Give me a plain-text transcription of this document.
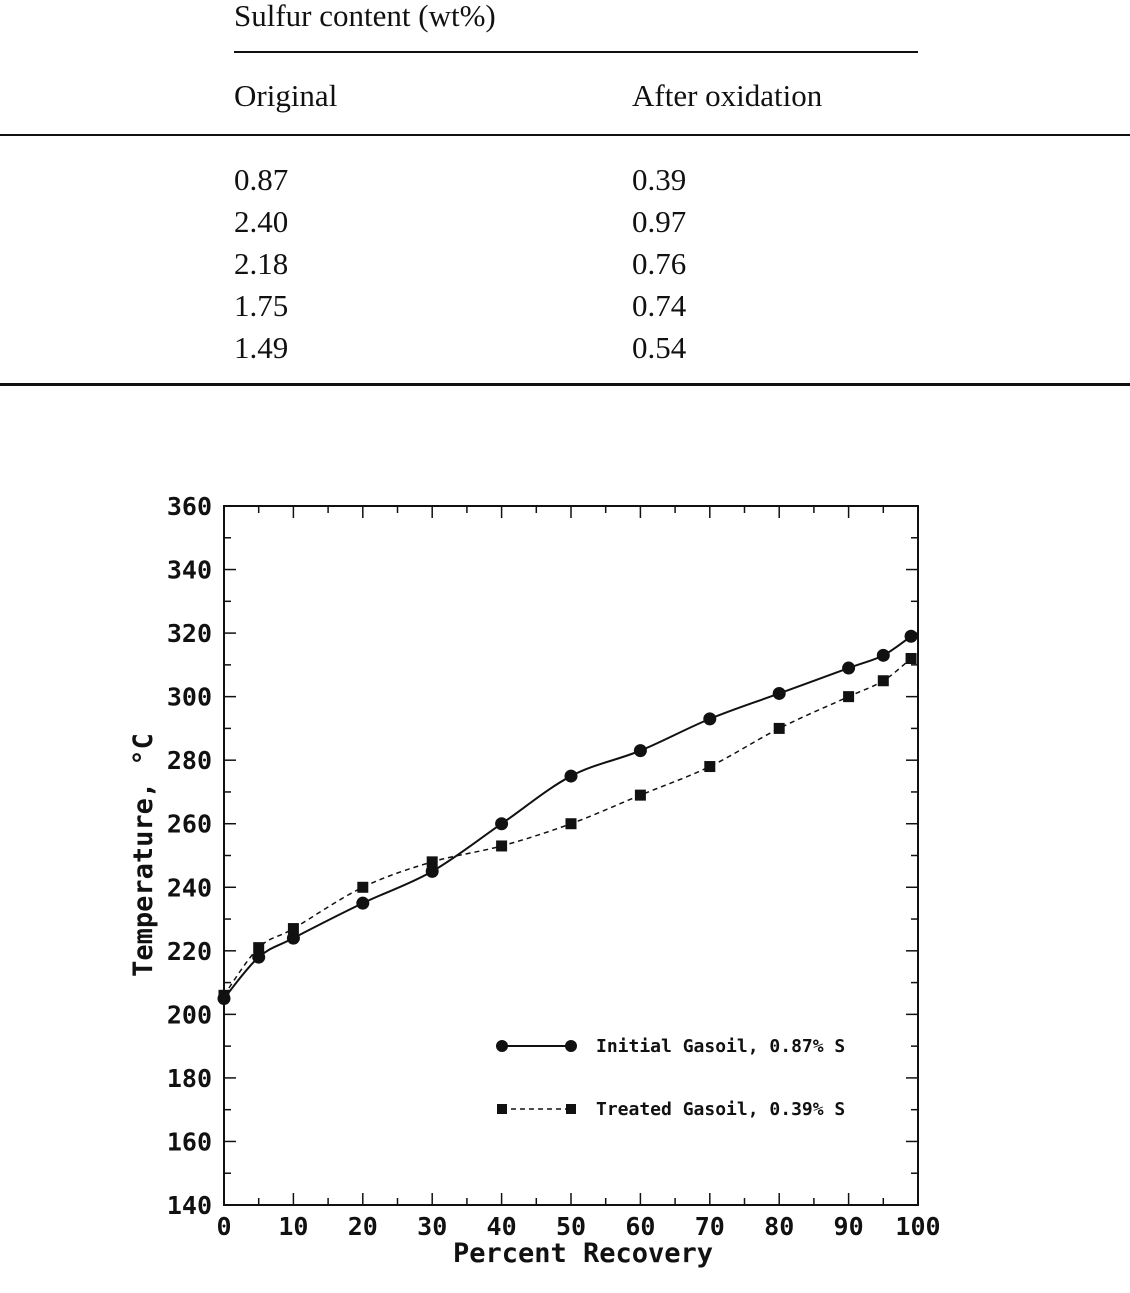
Sulfur content (wt%)
Original	After oxidation
0.87	0.39
2.40	0.97
2.18	0.76
1.75	0.74
1.49	0.54
140
160
180
200
220
240
260
280
300
320
340
360
0 10 20 30 40 50 60 70 80 90 100
Percent Recovery
Temperature, °C
Initial Gasoil, 0.87% S
Treated Gasoil, 0.39% S
